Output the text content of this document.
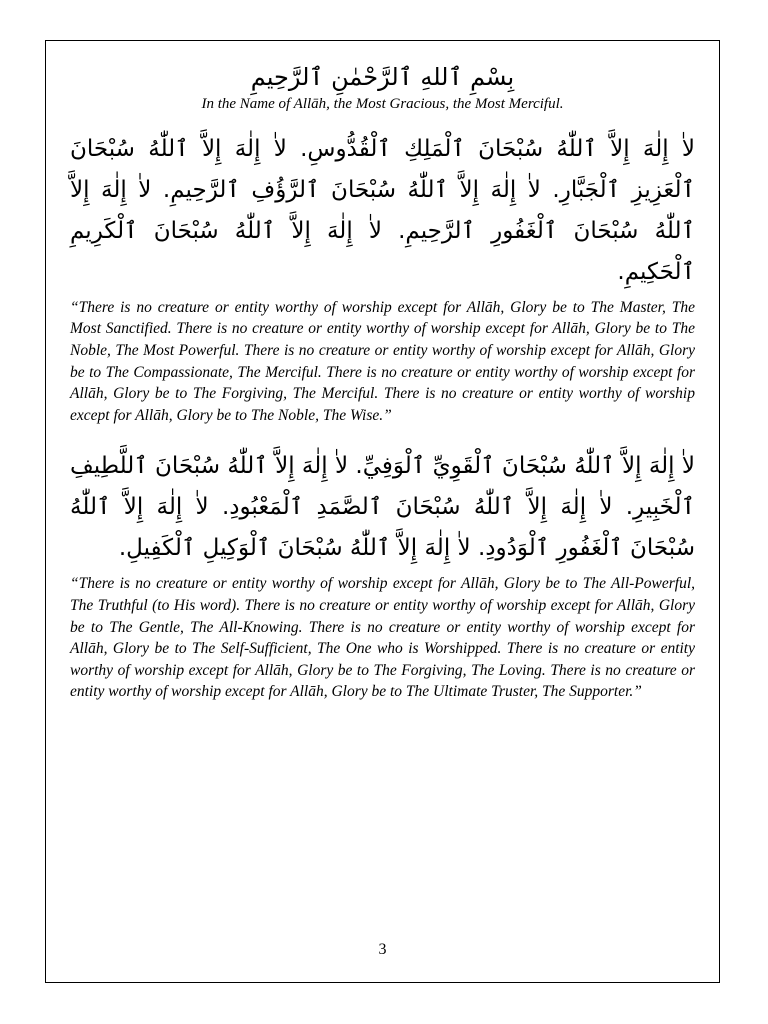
بِسْمِ ٱللهِ ٱلرَّحْمٰنِ ٱلرَّحِيمِ
In the Name of Allāh, the Most Gracious, the Most Merciful.
لاٰ إِلٰهَ إِلاَّ ٱللّٰهُ سُبْحَانَ ٱلْمَلِكِ ٱلْقُدُّوسِ. لاٰ إِلٰهَ إِلاَّ ٱللّٰهُ سُبْحَانَ ٱلْعَزِيزِ ٱلْجَبَّارِ. لاٰ إِلٰهَ إِلاَّ ٱللّٰهُ سُبْحَانَ ٱلرَّؤُفِ ٱلرَّحِيمِ. لاٰ إِلٰهَ إِلاَّ ٱللّٰهُ سُبْحَانَ ٱلْغَفُورِ ٱلرَّحِيمِ. لاٰ إِلٰهَ إِلاَّ ٱللّٰهُ سُبْحَانَ ٱلْكَرِيمِ ٱلْحَكِيمِ.
“There is no creature or entity worthy of worship except for Allāh, Glory be to The Master, The Most Sanctified. There is no creature or entity worthy of worship except for Allāh, Glory be to The Noble, The Most Powerful. There is no creature or entity worthy of worship except for Allāh, Glory be to The Compassionate, The Merciful. There is no creature or entity worthy of worship except for Allāh, Glory be to The Forgiving, The Merciful. There is no creature or entity worthy of worship except for Allāh, Glory be to The Noble, The Wise.”
لاٰ إِلٰهَ إِلاَّ ٱللّٰهُ سُبْحَانَ ٱلْقَوِيِّ ٱلْوَفِيِّ. لاٰ إِلٰهَ إِلاَّ ٱللّٰهُ سُبْحَانَ ٱللَّطِيفِ ٱلْخَبِيرِ. لاٰ إِلٰهَ إِلاَّ ٱللّٰهُ سُبْحَانَ ٱلصَّمَدِ ٱلْمَعْبُودِ. لاٰ إِلٰهَ إِلاَّ ٱللّٰهُ سُبْحَانَ ٱلْغَفُورِ ٱلْوَدُودِ. لاٰ إِلٰهَ إِلاَّ ٱللّٰهُ سُبْحَانَ ٱلْوَكِيلِ ٱلْكَفِيلِ.
“There is no creature or entity worthy of worship except for Allāh, Glory be to The All-Powerful, The Truthful (to His word). There is no creature or entity worthy of worship except for Allāh, Glory be to The Gentle, The All-Knowing. There is no creature or entity worthy of worship except for Allāh, Glory be to The Self-Sufficient, The One who is Worshipped. There is no creature or entity worthy of worship except for Allāh, Glory be to The Forgiving, The Loving. There is no creature or entity worthy of worship except for Allāh, Glory be to The Ultimate Truster, The Supporter.”
3
